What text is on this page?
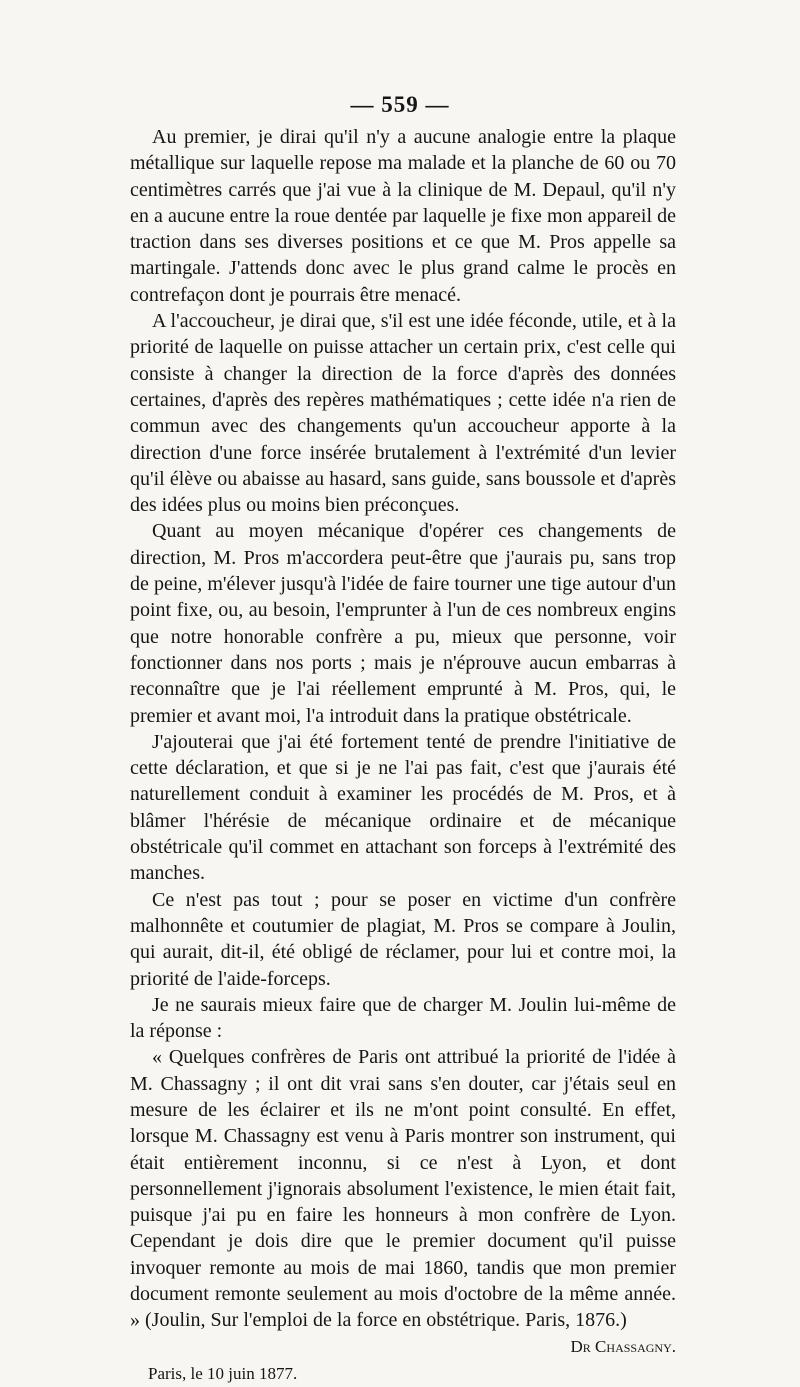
— 559 —

Au premier, je dirai qu'il n'y a aucune analogie entre la plaque métallique sur laquelle repose ma malade et la planche de 60 ou 70 centimètres carrés que j'ai vue à la clinique de M. Depaul, qu'il n'y en a aucune entre la roue dentée par laquelle je fixe mon appareil de traction dans ses diverses positions et ce que M. Pros appelle sa martingale. J'attends donc avec le plus grand calme le procès en contrefaçon dont je pourrais être menacé.

A l'accoucheur, je dirai que, s'il est une idée féconde, utile, et à la priorité de laquelle on puisse attacher un certain prix, c'est celle qui consiste à changer la direction de la force d'après des données certaines, d'après des repères mathématiques ; cette idée n'a rien de commun avec des changements qu'un accoucheur apporte à la direction d'une force insérée brutalement à l'extrémité d'un levier qu'il élève ou abaisse au hasard, sans guide, sans boussole et d'après des idées plus ou moins bien préconçues.

Quant au moyen mécanique d'opérer ces changements de direction, M. Pros m'accordera peut-être que j'aurais pu, sans trop de peine, m'élever jusqu'à l'idée de faire tourner une tige autour d'un point fixe, ou, au besoin, l'emprunter à l'un de ces nombreux engins que notre honorable confrère a pu, mieux que personne, voir fonctionner dans nos ports ; mais je n'éprouve aucun embarras à reconnaître que je l'ai réellement emprunté à M. Pros, qui, le premier et avant moi, l'a introduit dans la pratique obstétricale.

J'ajouterai que j'ai été fortement tenté de prendre l'initiative de cette déclaration, et que si je ne l'ai pas fait, c'est que j'aurais été naturellement conduit à examiner les procédés de M. Pros, et à blâmer l'hérésie de mécanique ordinaire et de mécanique obstétricale qu'il commet en attachant son forceps à l'extrémité des manches.

Ce n'est pas tout ; pour se poser en victime d'un confrère malhonnête et coutumier de plagiat, M. Pros se compare à Joulin, qui aurait, dit-il, été obligé de réclamer, pour lui et contre moi, la priorité de l'aide-forceps.

Je ne saurais mieux faire que de charger M. Joulin lui-même de la réponse :

« Quelques confrères de Paris ont attribué la priorité de l'idée à M. Chassagny ; il ont dit vrai sans s'en douter, car j'étais seul en mesure de les éclairer et ils ne m'ont point consulté. En effet, lorsque M. Chassagny est venu à Paris montrer son instrument, qui était entièrement inconnu, si ce n'est à Lyon, et dont personnellement j'ignorais absolument l'existence, le mien était fait, puisque j'ai pu en faire les honneurs à mon confrère de Lyon. Cependant je dois dire que le premier document qu'il puisse invoquer remonte au mois de mai 1860, tandis que mon premier document remonte seulement au mois d'octobre de la même année. » (Joulin, Sur l'emploi de la force en obstétrique. Paris, 1876.)

Dr Chassagny.
Paris, le 10 juin 1877.
